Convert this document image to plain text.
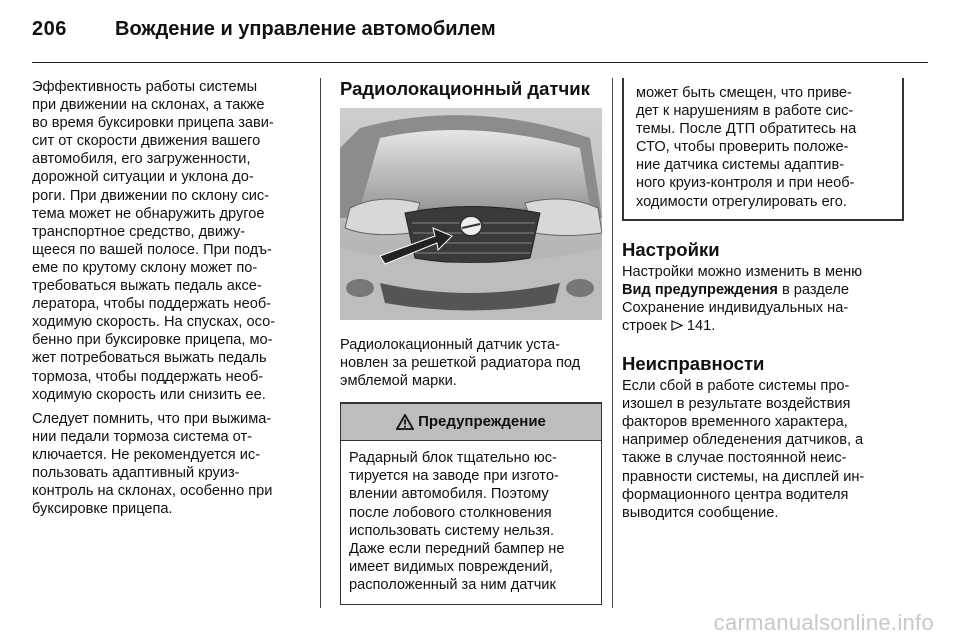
206 Вождение и управление автомобилем

Эффективность работы системы
при движении на склонах, а также
во время буксировки прицепа зави-
сит от скорости движения вашего
автомобиля, его загруженности,
дорожной ситуации и уклона до-
роги. При движении по склону сис-
тема может не обнаружить другое
транспортное средство, движу-
щееся по вашей полосе. При подъ-
еме по крутому склону может по-
требоваться выжать педаль аксе-
лератора, чтобы поддержать необ-
ходимую скорость. На спусках, осо-
бенно при буксировке прицепа, мо-
жет потребоваться выжать педаль
тормоза, чтобы поддержать необ-
ходимую скорость или снизить ее.

Следует помнить, что при выжима-
нии педали тормоза система от-
ключается. Не рекомендуется ис-
пользовать адаптивный круиз-
контроль на склонах, особенно при
буксировке прицепа.

Радиолокационный датчик

Радиолокационный датчик уста-
новлен за решеткой радиатора под
эмблемой марки.

Предупреждение
Радарный блок тщательно юс-
тируется на заводе при изгото-
влении автомобиля. Поэтому
после лобового столкновения
использовать систему нельзя.
Даже если передний бампер не
имеет видимых повреждений,
расположенный за ним датчик
может быть смещен, что приве-
дет к нарушениям в работе сис-
темы. После ДТП обратитесь на
СТО, чтобы проверить положе-
ние датчика системы адаптив-
ного круиз-контроля и при необ-
ходимости отрегулировать его.
Настройки

Настройки можно изменить в меню
Вид предупреждения в разделе
Сохранение индивидуальных на-
строек  141.

Неисправности

Если сбой в работе системы про-
изошел в результате воздействия
факторов временного характера,
например обледенения датчиков, а
также в случае постоянной неис-
правности системы, на дисплей ин-
формационного центра водителя
выводится сообщение.

carmanualsonline.info
